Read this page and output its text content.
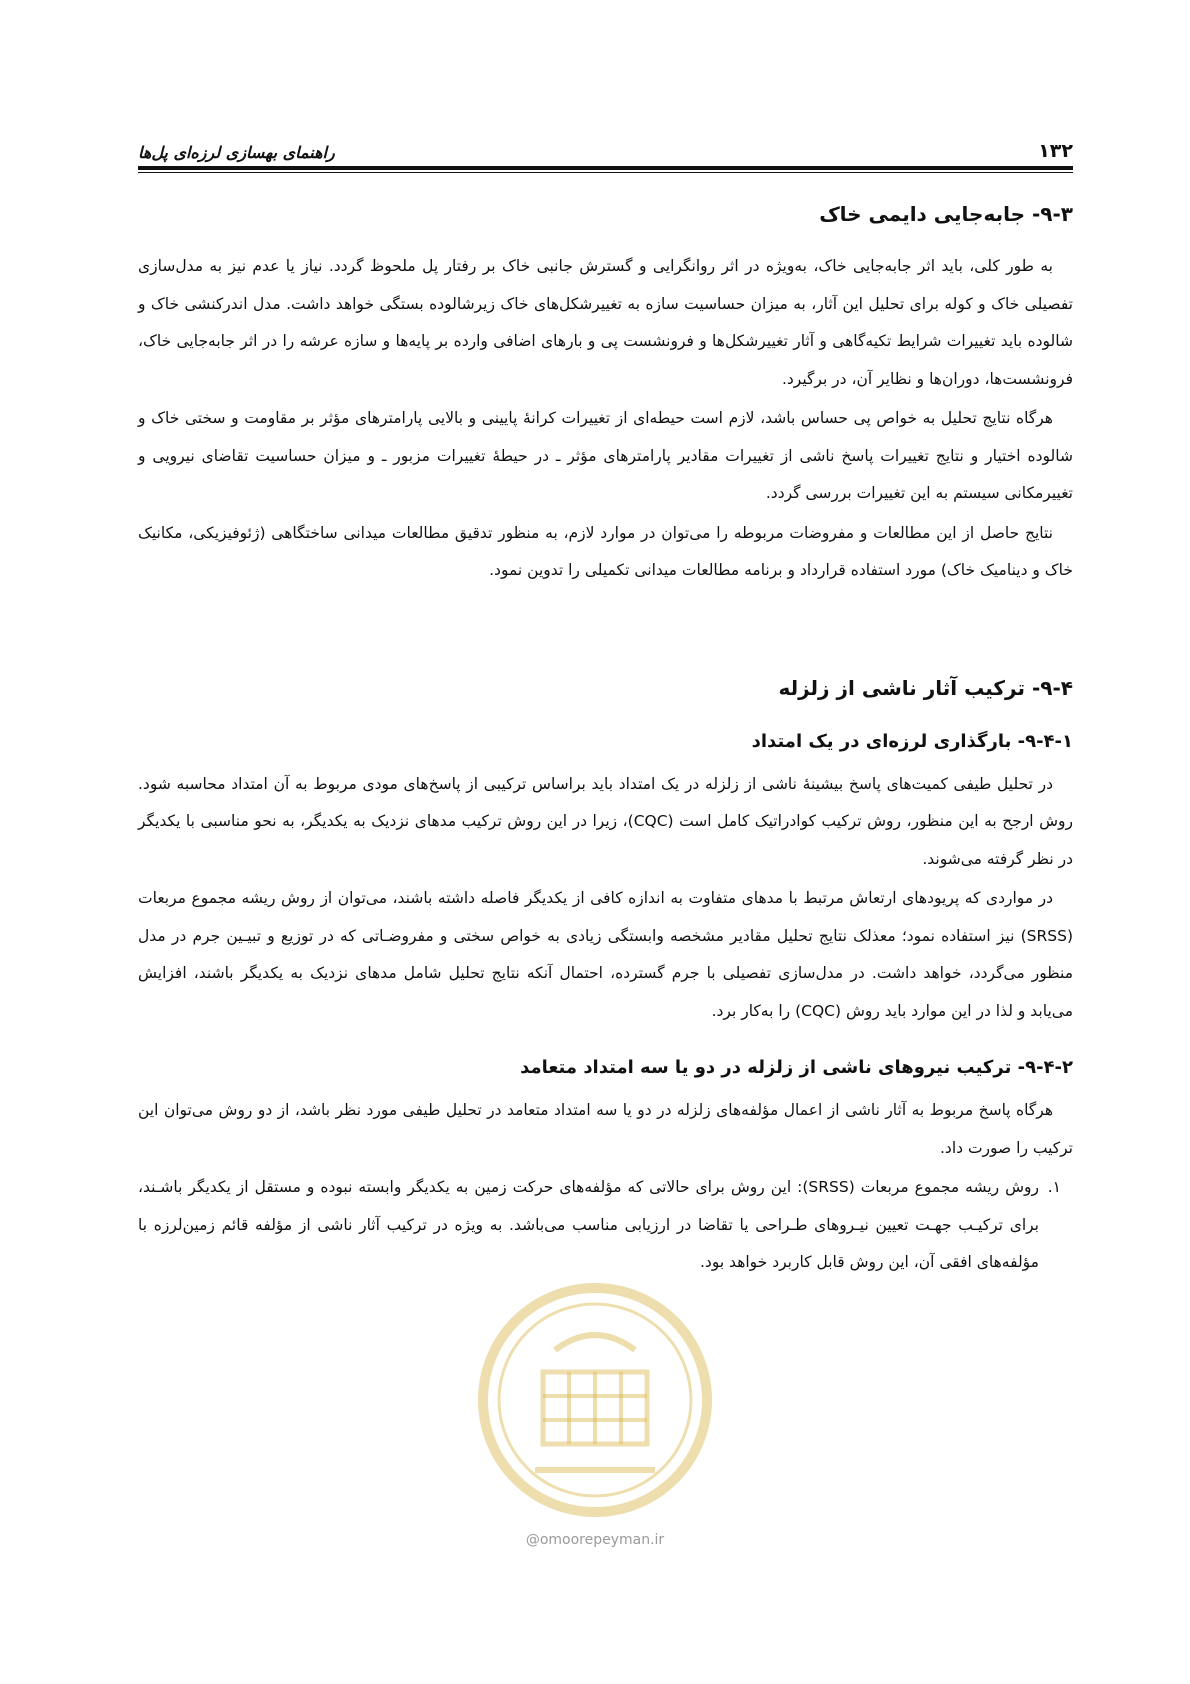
۱۳۲
راهنمای بهسازی لرزه‌ای پل‌ها
۹-۳- جابه‌جایی دایمی خاک

به طور کلی، باید اثر جابه‌جایی خاک، به‌ویژه در اثر روانگرایی و گسترش جانبی خاک بر رفتار پل ملحوظ گردد. نیاز یا عدم نیز به مدل‌سازی تفصیلی خاک و کوله برای تحلیل این آثار، به میزان حساسیت سازه به تغییرشکل‌های خاک زیرشالوده بستگی خواهد داشت. مدل اندرکنشی خاک و شالوده باید تغییرات شرایط تکیه‌گاهی و آثار تغییرشکل‌ها و فرونشست پی و بارهای اضافی وارده بر پایه‌ها و سازه عرشه را در اثر جابه‌جایی خاک، فرونشست‌ها، دوران‌ها و نظایر آن، در برگیرد.

هرگاه نتایج تحلیل به خواص پی حساس باشد، لازم است حیطه‌ای از تغییرات کرانهٔ پایینی و بالایی پارامترهای مؤثر بر مقاومت و سختی خاک و شالوده اختیار و نتایج تغییرات پاسخ ناشی از تغییرات مقادیر پارامترهای مؤثر ـ در حیطهٔ تغییرات مزبور ـ و میزان حساسیت تقاضای نیرویی و تغییرمکانی سیستم به این تغییرات بررسی گردد.

نتایج حاصل از این مطالعات و مفروضات مربوطه را می‌توان در موارد لازم، به منظور تدقیق مطالعات میدانی ساختگاهی (ژئوفیزیکی، مکانیک خاک و دینامیک خاک) مورد استفاده قرارداد و برنامه مطالعات میدانی تکمیلی را تدوین نمود.

۹-۴- ترکیب آثار ناشی از زلزله
۹-۴-۱- بارگذاری لرزه‌ای در یک امتداد

در تحلیل طیفی کمیت‌های پاسخ بیشینهٔ ناشی از زلزله در یک امتداد باید براساس ترکیبی از پاسخ‌های مودی مربوط به آن امتداد محاسبه شود. روش ارجح به این منظور، روش ترکیب کوادراتیک کامل است (CQC)، زیرا در این روش ترکیب مدهای نزدیک به یکدیگر، به نحو مناسبی با یکدیگر در نظر گرفته می‌شوند.

در مواردی که پریودهای ارتعاش مرتبط با مدهای متفاوت به اندازه کافی از یکدیگر فاصله داشته باشند، می‌توان از روش ریشه مجموع مربعات (SRSS) نیز استفاده نمود؛ معذلک نتایج تحلیل مقادیر مشخصه وابستگی زیادی به خواص سختی و مفروضـاتی که در توزیع و تبیـین جرم در مدل منظور می‌گردد، خواهد داشت. در مدل‌سازی تفصیلی با جرم گسترده، احتمال آنکه نتایج تحلیل شامل مدهای نزدیک به یکدیگر باشند، افزایش می‌یابد و لذا در این موارد باید روش (CQC) را به‌کار برد.

۹-۴-۲- ترکیب نیروهای ناشی از زلزله در دو یا سه امتداد متعامد

هرگاه پاسخ مربوط به آثار ناشی از اعمال مؤلفه‌های زلزله در دو یا سه امتداد متعامد در تحلیل طیفی مورد نظر باشد، از دو روش می‌توان این ترکیب را صورت داد.

۱.
روش ریشه مجموع مربعات (SRSS): این روش برای حالاتی که مؤلفه‌های حرکت زمین به یکدیگر وابسته نبوده و مستقل از یکدیگر باشـند، برای ترکیـب جهـت تعیین نیـروهای طـراحی یا تقاضا در ارزیابی مناسب می‌باشد. به ویژه در ترکیب آثار ناشی از مؤلفه قائم زمین‌لرزه با مؤلفه‌های افقی آن، این روش قابل کاربرد خواهد بود.
@omoorepeyman.ir
